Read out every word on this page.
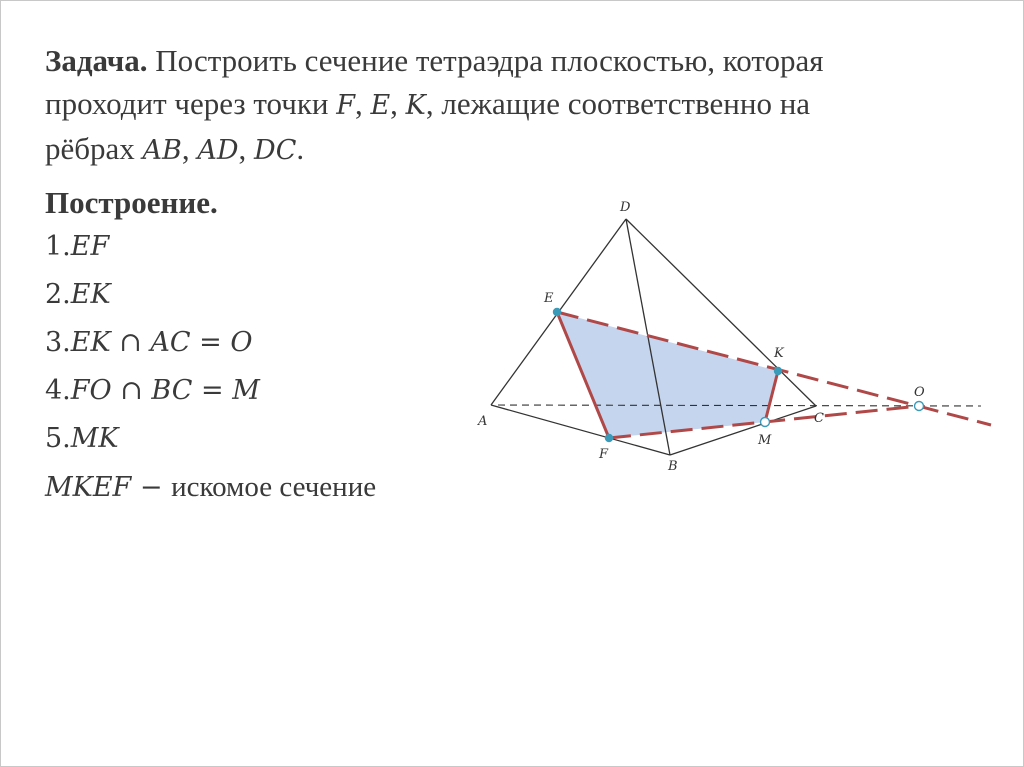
Задача. Построить сечение тетраэдра плоскостью, которая
проходит через точки F, E, K, лежащие соответственно на
рёбрах AB, AD, DC.
Построение.
1.EF
2.EK
3.EK ∩ AC = O
4.FO ∩ BC = M
5.MK
MKEF − искомое сечение
D
A
B
C
E
F
K
M
O
